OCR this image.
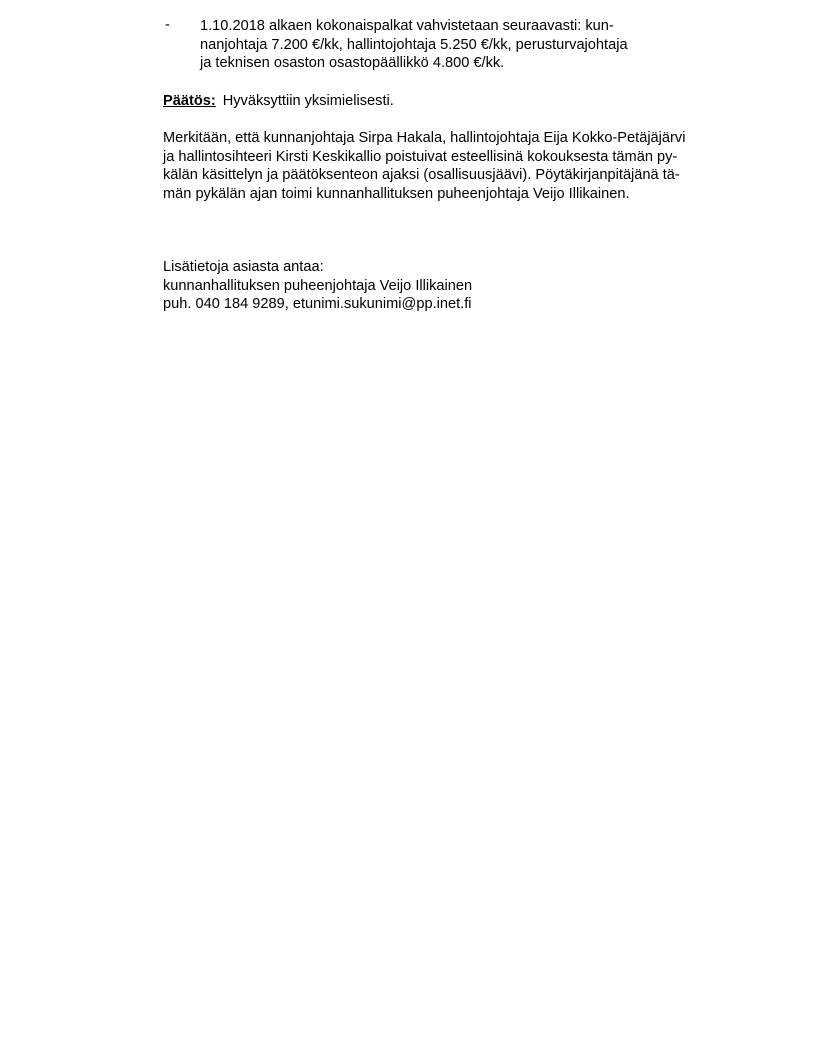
- 1.10.2018 alkaen kokonaispalkat vahvistetaan seuraavasti: kun-
nanjohtaja 7.200 €/kk, hallintojohtaja 5.250 €/kk, perusturvajohtaja
ja teknisen osaston osastopäällikkö 4.800 €/kk.
Päätös: Hyväksyttiin yksimielisesti.
Merkitään, että kunnanjohtaja Sirpa Hakala, hallintojohtaja Eija Kokko-Petäjäjärvi
ja hallintosihteeri Kirsti Keskikallio poistuivat esteellisinä kokouksesta tämän py-
kälän käsittelyn ja päätöksenteon ajaksi (osallisuusjäävi). Pöytäkirjanpitäjänä tä-
män pykälän ajan toimi kunnanhallituksen puheenjohtaja Veijo Illikainen.
Lisätietoja asiasta antaa:
kunnanhallituksen puheenjohtaja Veijo Illikainen
puh. 040 184 9289, etunimi.sukunimi@pp.inet.fi
